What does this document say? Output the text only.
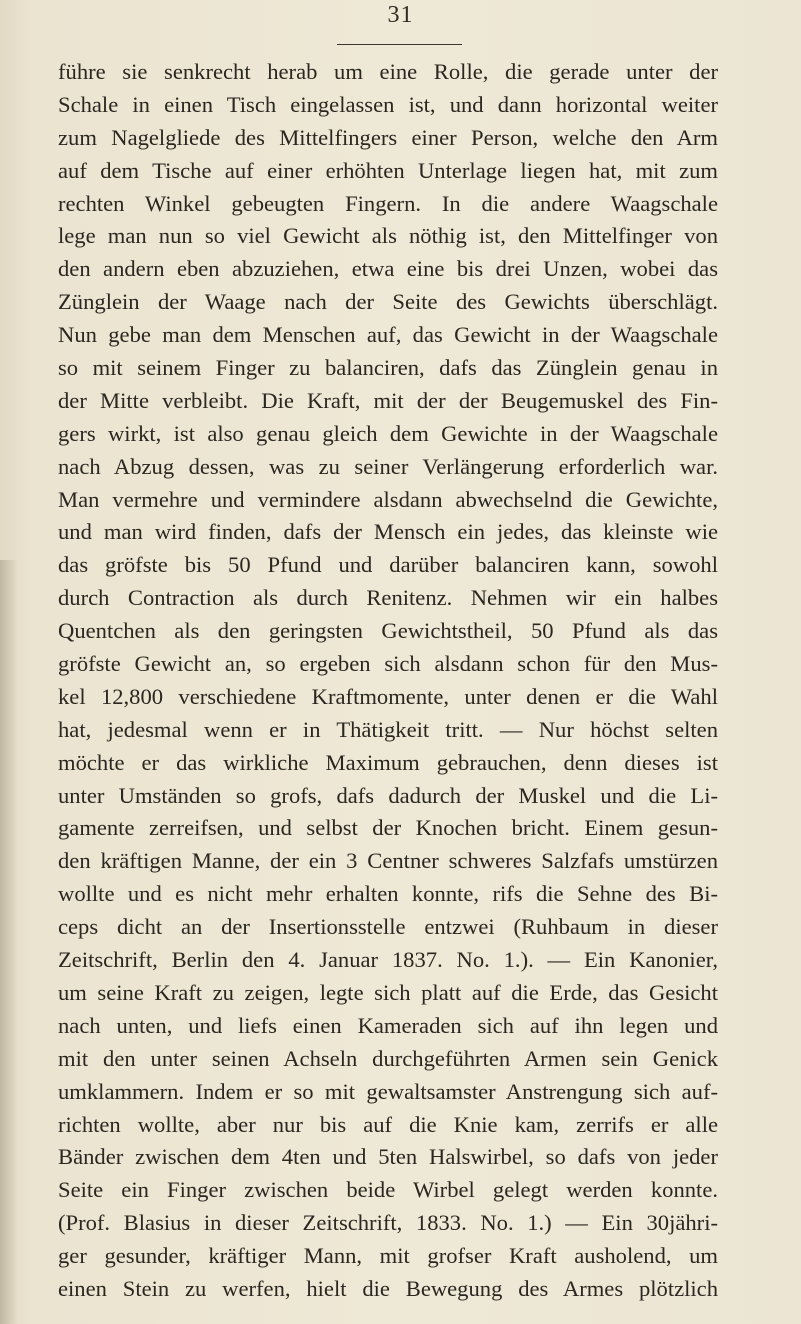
31
führe sie senkrecht herab um eine Rolle, die gerade unter der
Schale in einen Tisch eingelassen ist, und dann horizontal weiter
zum Nagelgliede des Mittelfingers einer Person, welche den Arm
auf dem Tische auf einer erhöhten Unterlage liegen hat, mit zum
rechten Winkel gebeugten Fingern. In die andere Waagschale
lege man nun so viel Gewicht als nöthig ist, den Mittelfinger von
den andern eben abzuziehen, etwa eine bis drei Unzen, wobei das
Zünglein der Waage nach der Seite des Gewichts überschlägt.
Nun gebe man dem Menschen auf, das Gewicht in der Waagschale
so mit seinem Finger zu balanciren, dafs das Zünglein genau in
der Mitte verbleibt. Die Kraft, mit der der Beugemuskel des Fin-
gers wirkt, ist also genau gleich dem Gewichte in der Waagschale
nach Abzug dessen, was zu seiner Verlängerung erforderlich war.
Man vermehre und vermindere alsdann abwechselnd die Gewichte,
und man wird finden, dafs der Mensch ein jedes, das kleinste wie
das gröfste bis 50 Pfund und darüber balanciren kann, sowohl
durch Contraction als durch Renitenz. Nehmen wir ein halbes
Quentchen als den geringsten Gewichtstheil, 50 Pfund als das
gröfste Gewicht an, so ergeben sich alsdann schon für den Mus-
kel 12,800 verschiedene Kraftmomente, unter denen er die Wahl
hat, jedesmal wenn er in Thätigkeit tritt. — Nur höchst selten
möchte er das wirkliche Maximum gebrauchen, denn dieses ist
unter Umständen so grofs, dafs dadurch der Muskel und die Li-
gamente zerreifsen, und selbst der Knochen bricht. Einem gesun-
den kräftigen Manne, der ein 3 Centner schweres Salzfafs umstürzen
wollte und es nicht mehr erhalten konnte, rifs die Sehne des Bi-
ceps dicht an der Insertionsstelle entzwei (Ruhbaum in dieser
Zeitschrift, Berlin den 4. Januar 1837. No. 1.). — Ein Kanonier,
um seine Kraft zu zeigen, legte sich platt auf die Erde, das Gesicht
nach unten, und liefs einen Kameraden sich auf ihn legen und
mit den unter seinen Achseln durchgeführten Armen sein Genick
umklammern. Indem er so mit gewaltsamster Anstrengung sich auf-
richten wollte, aber nur bis auf die Knie kam, zerrifs er alle
Bänder zwischen dem 4ten und 5ten Halswirbel, so dafs von jeder
Seite ein Finger zwischen beide Wirbel gelegt werden konnte.
(Prof. Blasius in dieser Zeitschrift, 1833. No. 1.) — Ein 30jähri-
ger gesunder, kräftiger Mann, mit grofser Kraft ausholend, um
einen Stein zu werfen, hielt die Bewegung des Armes plötzlich
